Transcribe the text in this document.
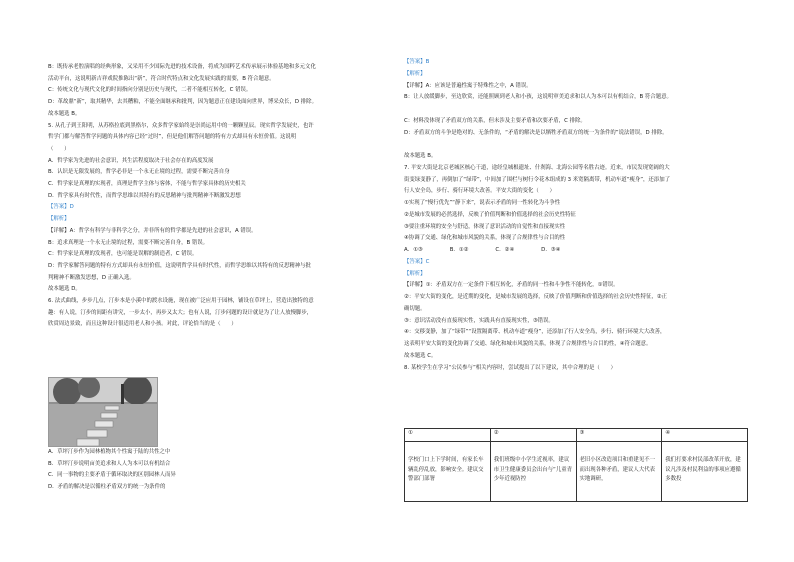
B：既传承老腔演唱的经典形象，又采用不少国际先进的技术设备，将成为国粹艺术传承展示体验基地和多元文化
活动平台，这说明新吉祥戏院推陈出“新”，符合时代特点和文化发展实践的需要，B 符合题意。
C：传统文化与现代文化的时间指向分别是历史与现代，二者不能相互转化，C 错误。
D：革故鼎“新”，取其精华，去其糟粕，不能全面继承和批判，因为题意正在建设面向世界，博采众长，D 排除。
故本题选 B。
5. 从孔子到王阳明，从苏格拉底到黑格尔，众多哲学家始终是崇尚运用中的一颗颗星辰。现实哲学发展史，也许
哲学门都与解答哲学问题的具体内容已经“过时”，但是他们解答问题的特有方式却具有永恒价值。这说明
（　　）
A．哲学家为先进的社会意识，其生活程度取决于社会存在的高度发展
B．认识是无限发展的，哲学必非是一个永无止境的过程，需要不断完善自身
C．哲学家是真理的实现者，真理是哲学主体与客体，不能与哲学家具体的历史相关
D．哲学家具有时代性，而哲学思维以其特有的反思精神与批判精神不断激发思想
【答案】D
【解析】
【详解】A：哲学有科学与非科学之分，并非所有的哲学都是先进的社会意识，A 错误。
B：追求真理是一个永无止境的过程，需要不断完善自身，B 错误。
C：哲学家是真理的发现者，也可能是误解的制造者，C 错误。
D：哲学家解答问题的特有方式却具有永恒价值，这说明哲学具有时代性，而哲学思维以其特有的反思精神与批
判精神不断激发思想，D 正确入选。
故本题选 D。
6. 法式曲线，步步几点，汀步本是小溪中的渡水设施，现在被广泛应用于园林，铺设在草坪上，营造出独特的意
趣：有人说，汀步的间距有讲究，一步太小，再步又太大；也有人说，汀步问题的设计就是为了让人放慢脚步，
欣赏周边景致，而且这种设计很适用老人和小孩。对此，评论恰当的是（　　）
A．草坪汀步作为园林植物其个性寓于陆的共性之中
B．草坪汀步说明亩美追求和人人为本可以有机结合
C．同一事物的主要矛盾于循环取决的区别园林人而异
D．矛盾的解决是以循柱矛盾双方的统一为条件的
【答案】B
【解析】
【详解】A：应该是普遍性寓于特殊性之中，A 错误。
B：让人放缓脚步，至边欣赏，还能照顾到老人和小孩，这说明审美追求和以人为本可以有机结合，B 符合题意。
C：材料没体现了矛盾双方的关系，但未涉及主要矛盾和次要矛盾，C 排除。
D：矛盾双方的斗争是绝对的、无条件的，“矛盾的解决是以牺牲矛盾双方的统一为条件的”说法错误，D 排除。
故本题选 B。
7. 平安大街是北京老城区核心干道，途经皇城根遗址、什刹海、北海公园等名胜古迹。近来，市民发现宽阔的大
街变绿变静了，再倒加了“绿带”，中间加了围栏与树行令花木组成的 3 米宽隔离带，机动车道“瘦身”，还添加了
行人安全岛，步行、骑行环境大改善。平安大街的变化（　　）
①实现了“慢行优先”“静下来”，说表示矛盾的同一性转化为斗争性
②是城市发展的必然选择，反映了价值判断和价值选择的社会历史性特征
③要注重环境的安全与舒适，体现了意识活动的自觉性和直接现实性
④协调了交通、绿化和城市风貌的关系，体现了合规律性与合目的性
A．①③　　　　　B．①②　　　　　C．②④　　　　　D．③④
【答案】C
【解析】
【详解】①：矛盾双方在一定条件下相互转化，矛盾的同一性和斗争性不能转化，①错误。
②：平安大街的变化，是近期的变化，是城市发展的选择，反映了价值判断和价值选择的社会历史性特征，②正
确切题。
③：意识活动没有直接现实性，实践具有直接现实性，③错误。
④：交移变静，加了“绿带”“设置隔离带、机动车道“瘦身”，还添加了行人安全岛，步行、骑行环境大大改善，
这表明平安大街的变化协调了交通、绿化和城市风貌的关系，体现了合规律性与合目的性，④符合题意。
故本题选 C。
8. 某校学生在学习“公民参与”相关内容时，尝试提出了以下建议，其中合理的是（　　）
①	②	③	④
学校门口上下学时间，有家长车辆乱停乱放，影响安全。建议交警部门部署	我们班级中小学生近视率，建议市卫生健康委员会出台与“儿童青少年近视防控	老旧小区改造项目和重建见不一而出现各种矛盾，建议人大代表实地调研，	我们打要求村民部改革开放，建议凡涉及村民利益的事项应遵循多数投
